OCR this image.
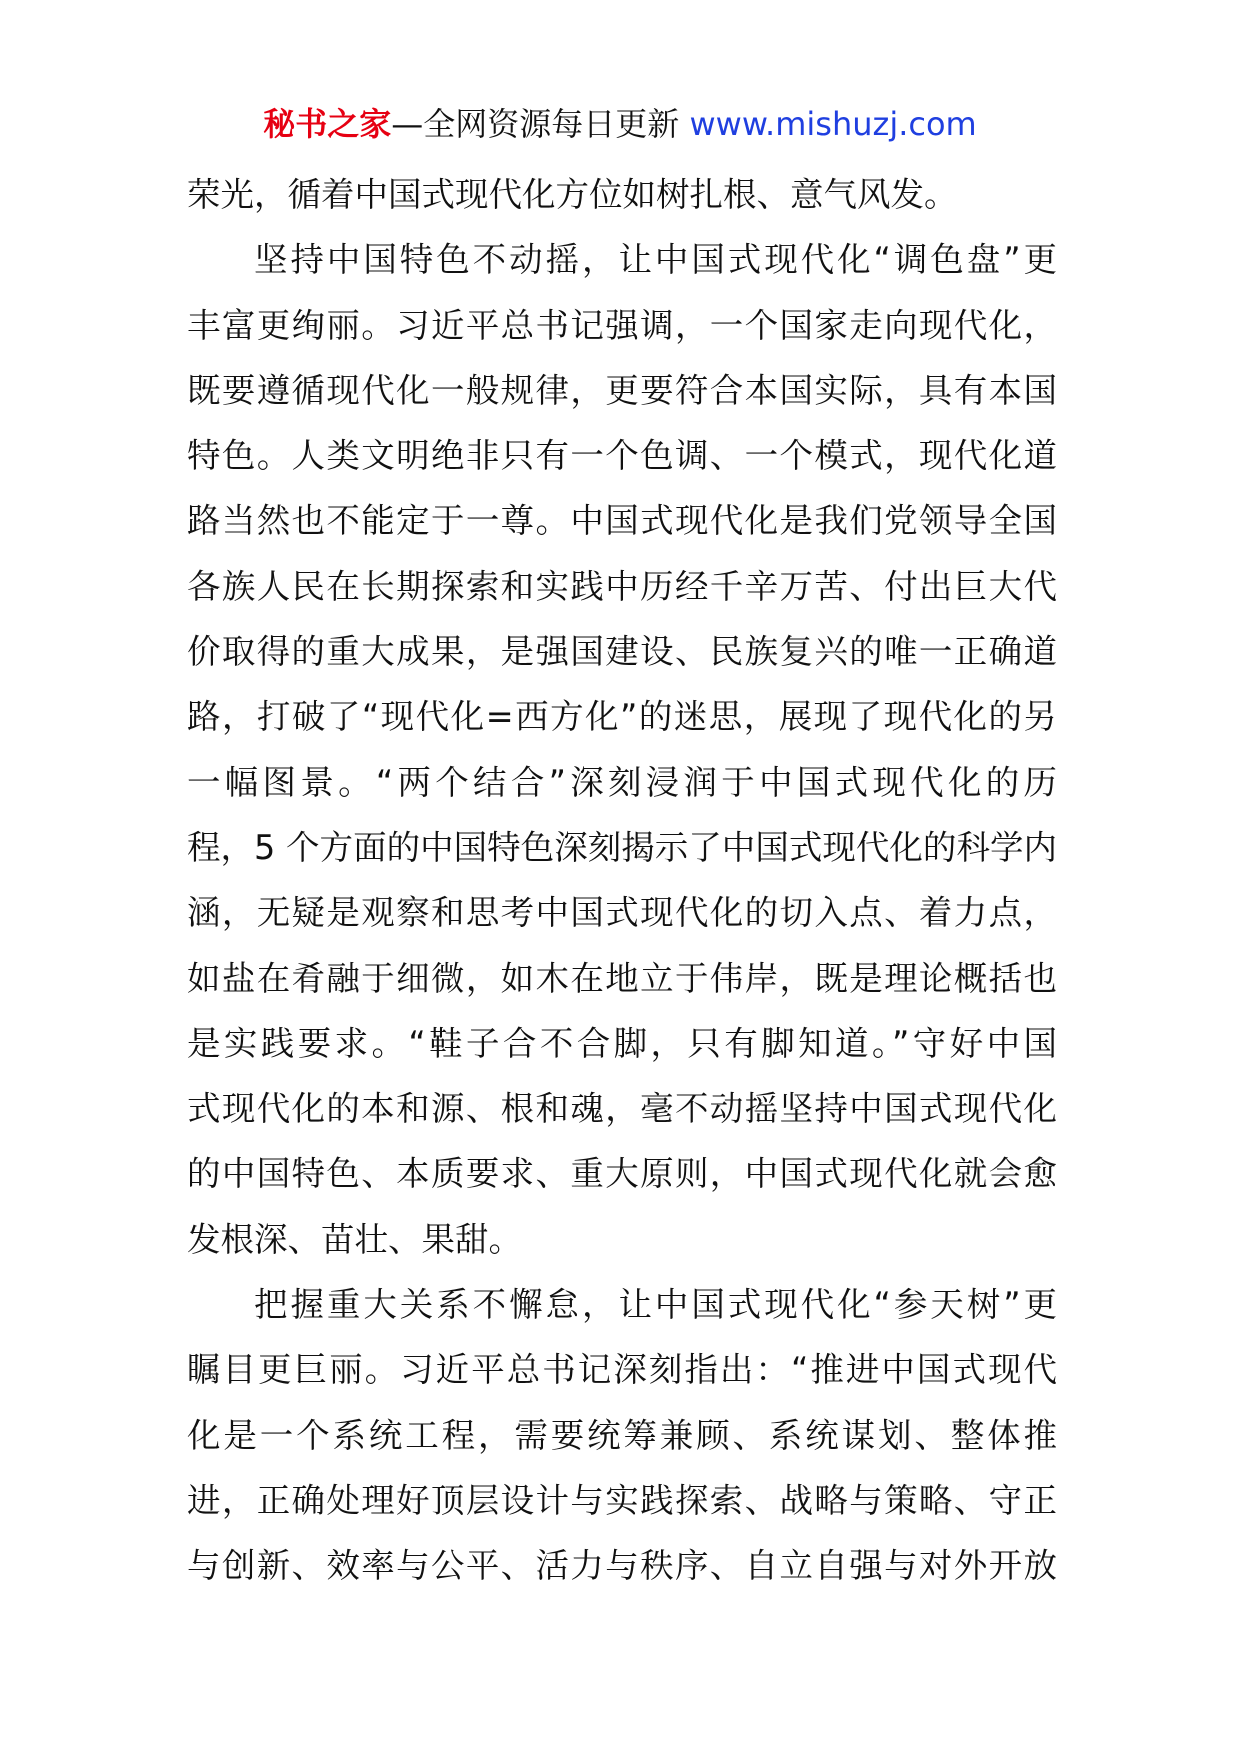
秘书之家—全网资源每日更新 www.mishuzj.com
荣光，循着中国式现代化方位如树扎根、意气风发。
坚持中国特色不动摇，让中国式现代化“调色盘”更
丰富更绚丽。习近平总书记强调，一个国家走向现代化，
既要遵循现代化一般规律，更要符合本国实际，具有本国
特色。人类文明绝非只有一个色调、一个模式，现代化道
路当然也不能定于一尊。中国式现代化是我们党领导全国
各族人民在长期探索和实践中历经千辛万苦、付出巨大代
价取得的重大成果，是强国建设、民族复兴的唯一正确道
路，打破了“现代化=西方化”的迷思，展现了现代化的另
一幅图景。“两个结合”深刻浸润于中国式现代化的历
程，5 个方面的中国特色深刻揭示了中国式现代化的科学内
涵，无疑是观察和思考中国式现代化的切入点、着力点，
如盐在肴融于细微，如木在地立于伟岸，既是理论概括也
是实践要求。“鞋子合不合脚，只有脚知道。”守好中国
式现代化的本和源、根和魂，毫不动摇坚持中国式现代化
的中国特色、本质要求、重大原则，中国式现代化就会愈
发根深、苗壮、果甜。
把握重大关系不懈怠，让中国式现代化“参天树”更
瞩目更巨丽。习近平总书记深刻指出：“推进中国式现代
化是一个系统工程，需要统筹兼顾、系统谋划、整体推
进，正确处理好顶层设计与实践探索、战略与策略、守正
与创新、效率与公平、活力与秩序、自立自强与对外开放
